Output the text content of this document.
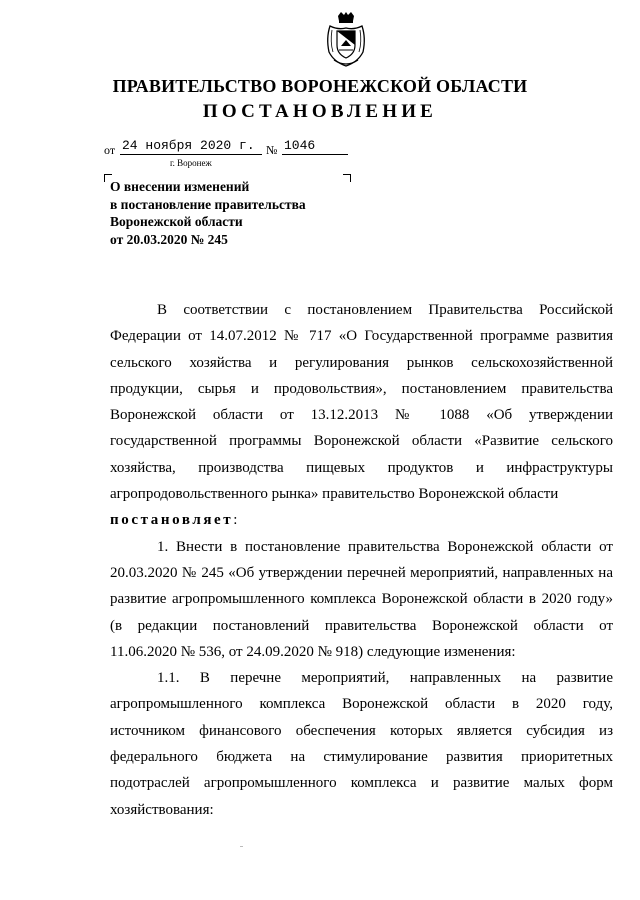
ПРАВИТЕЛЬСТВО ВОРОНЕЖСКОЙ ОБЛАСТИ
ПОСТАНОВЛЕНИЕ
от 24 ноября 2020 г. № 1046
г. Воронеж
О внесении изменений
в постановление правительства
Воронежской области
от 20.03.2020 № 245

В соответствии с постановлением Правительства Российской Федерации от 14.07.2012 № 717 «О Государственной программе развития сельского хозяйства и регулирования рынков сельскохозяйственной продукции, сырья и продовольствия», постановлением правительства Воронежской области от 13.12.2013 № 1088 «Об утверждении государственной программы Воронежской области «Развитие сельского хозяйства, производства пищевых продуктов и инфраструктуры агропродовольственного рынка» правительство Воронежской области

постановляет:

1. Внести в постановление правительства Воронежской области от 20.03.2020 № 245 «Об утверждении перечней мероприятий, направленных на развитие агропромышленного комплекса Воронежской области в 2020 году» (в редакции постановлений правительства Воронежской области от 11.06.2020 № 536, от 24.09.2020 № 918) следующие изменения:

1.1. В перечне мероприятий, направленных на развитие агропромышленного комплекса Воронежской области в 2020 году, источником финансового обеспечения которых является субсидия из федерального бюджета на стимулирование развития приоритетных подотраслей агропромышленного комплекса и развитие малых форм хозяйствования:
